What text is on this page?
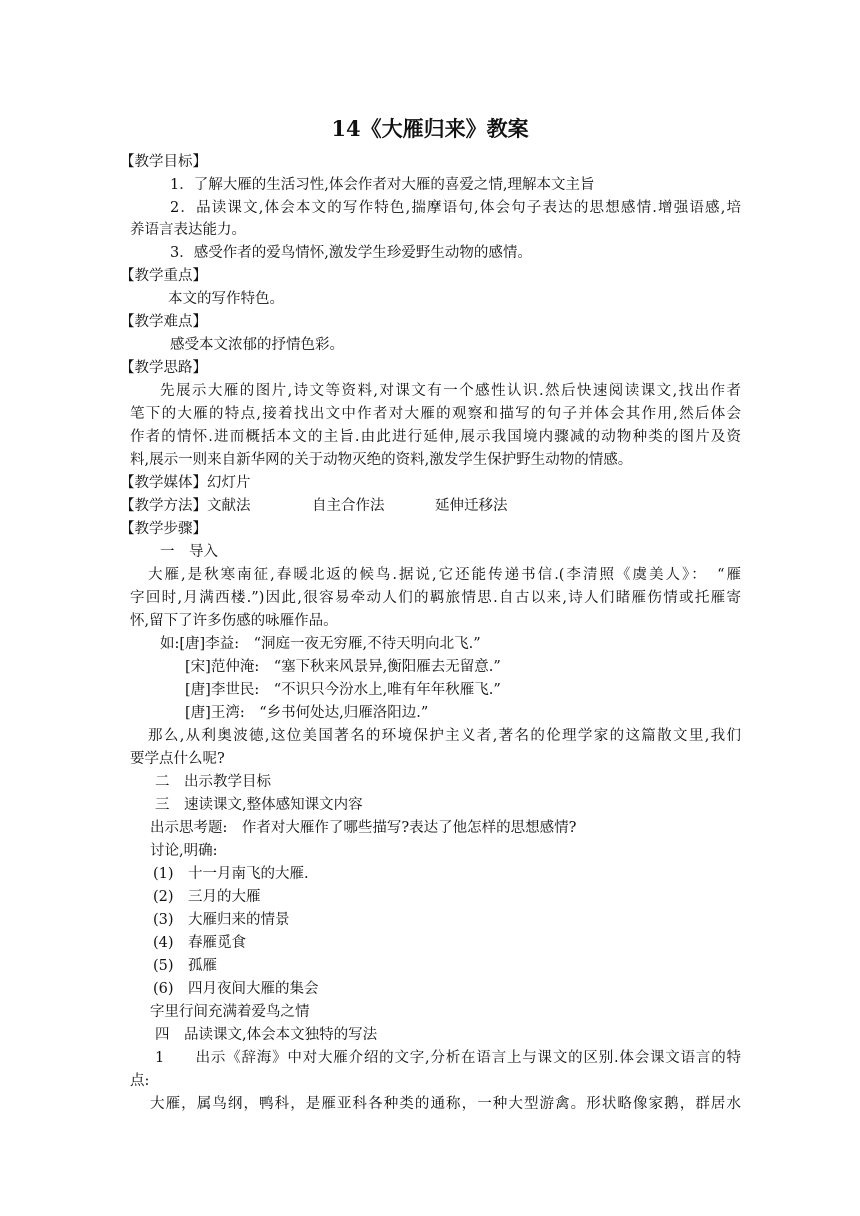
14《大雁归来》教案
【教学目标】
1．了解大雁的生活习性,体会作者对大雁的喜爱之情,理解本文主旨
2．品读课文,体会本文的写作特色,揣摩语句,体会句子表达的思想感情.增强语感,培
养语言表达能力。
3．感受作者的爱鸟情怀,激发学生珍爱野生动物的感情。
【教学重点】
本文的写作特色。
【教学难点】
感受本文浓郁的抒情色彩。
【教学思路】
先展示大雁的图片,诗文等资料,对课文有一个感性认识.然后快速阅读课文,找出作者
笔下的大雁的特点,接着找出文中作者对大雁的观察和描写的句子并体会其作用,然后体会
作者的情怀.进而概括本文的主旨.由此进行延伸,展示我国境内骤减的动物种类的图片及资
料,展示一则来自新华网的关于动物灭绝的资料,激发学生保护野生动物的情感。
【教学媒体】幻灯片
【教学方法】文献法	自主合作法	延伸迁移法
【教学步骤】
一　导入
大雁,是秋寒南征,春暖北返的候鸟.据说,它还能传递书信.(李清照《虞美人》：　“雁
字回时,月满西楼.”)因此,很容易牵动人们的羁旅情思.自古以来,诗人们睹雁伤情或托雁寄
怀,留下了许多伤感的咏雁作品。
如:[唐]李益:　“洞庭一夜无穷雁,不待天明向北飞.”
[宋]范仲淹:　“塞下秋来风景异,衡阳雁去无留意.”
[唐]李世民:　“不识只今汾水上,唯有年年秋雁飞.”
[唐]王湾:　“乡书何处达,归雁洛阳边.”
那么,从利奥波德,这位美国著名的环境保护主义者,著名的伦理学家的这篇散文里,我们
要学点什么呢?
二　出示教学目标
三　速读课文,整体感知课文内容
出示思考题:　作者对大雁作了哪些描写?表达了他怎样的思想感情?
讨论,明确:
(1)　十一月南飞的大雁.
(2)　三月的大雁
(3)　大雁归来的情景
(4)　春雁觅食
(5)　孤雁
(6)　四月夜间大雁的集会
字里行间充满着爱鸟之情
四　品读课文,体会本文独特的写法
1　　出示《辞海》中对大雁介绍的文字,分析在语言上与课文的区别.体会课文语言的特
点:
大雁，属鸟纲，鸭科，是雁亚科各种类的通称，一种大型游禽。形状略像家鹅，群居水
